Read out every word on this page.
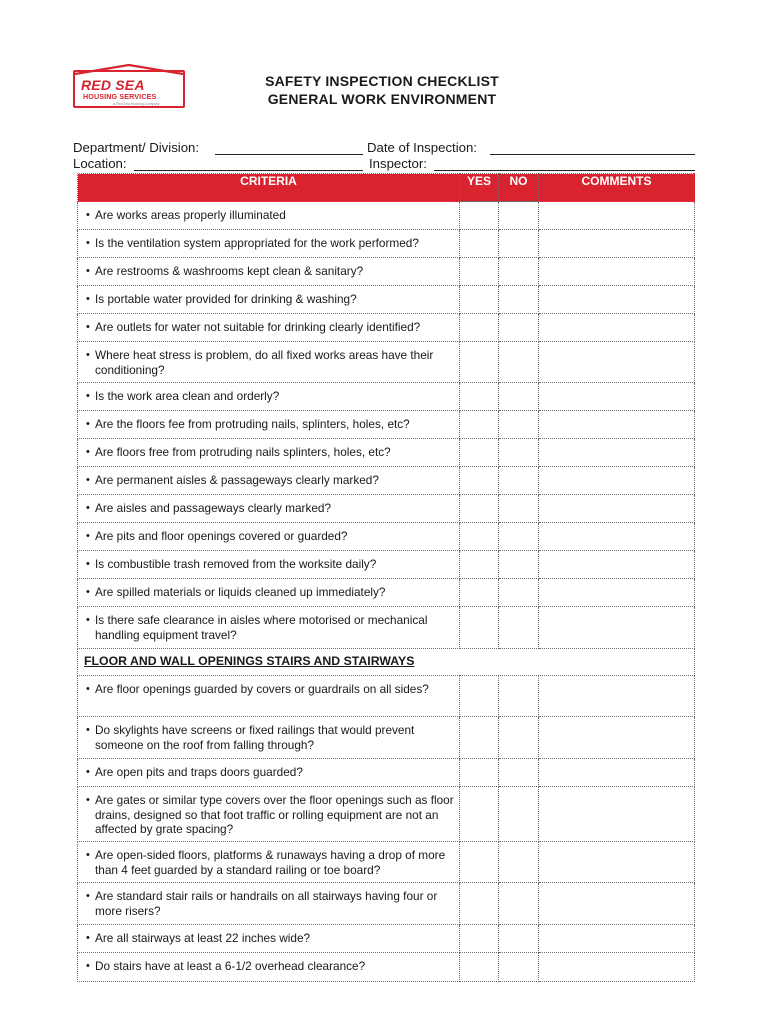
RED SEA
HOUSING SERVICES
A Red Sea Housing Company
SAFETY INSPECTION CHECKLIST
GENERAL WORK ENVIRONMENT
Department/ Division:	Date of Inspection:
Location:	Inspector:
CRITERIA	YES	NO	COMMENTS

• Are works areas properly illuminated			

• Is the ventilation system appropriated for the work performed?			

• Are restrooms & washrooms kept clean & sanitary?			

• Is portable water provided for drinking & washing?			

• Are outlets for water not suitable for drinking clearly identified?			

• Where heat stress is problem, do all fixed works areas have their conditioning?			

• Is the work area clean and orderly?			

• Are the floors fee from protruding nails, splinters, holes, etc?			

• Are floors free from protruding nails splinters, holes, etc?			

• Are permanent aisles & passageways clearly marked?			

• Are aisles and passageways clearly marked?			

• Are pits and floor openings covered or guarded?			

• Is combustible trash removed from the worksite daily?			

• Are spilled materials or liquids cleaned up immediately?			

• Is there safe clearance in aisles where motorised or mechanical handling equipment travel?			

FLOOR AND WALL OPENINGS STAIRS AND STAIRWAYS			

• Are floor openings guarded by covers or guardrails on all sides?			

• Do skylights have screens or fixed railings that would prevent someone on the roof from falling through?			

• Are open pits and traps doors guarded?			

• Are gates or similar type covers over the floor openings such as floor drains, designed so that foot traffic or rolling equipment are not an affected by grate spacing?			

• Are open-sided floors, platforms & runaways having a drop of more than 4 feet guarded by a standard railing or toe board?			

• Are standard stair rails or handrails on all stairways having four or more risers?			

• Are all stairways at least 22 inches wide?			

• Do stairs have at least a 6-1/2 overhead clearance?			
